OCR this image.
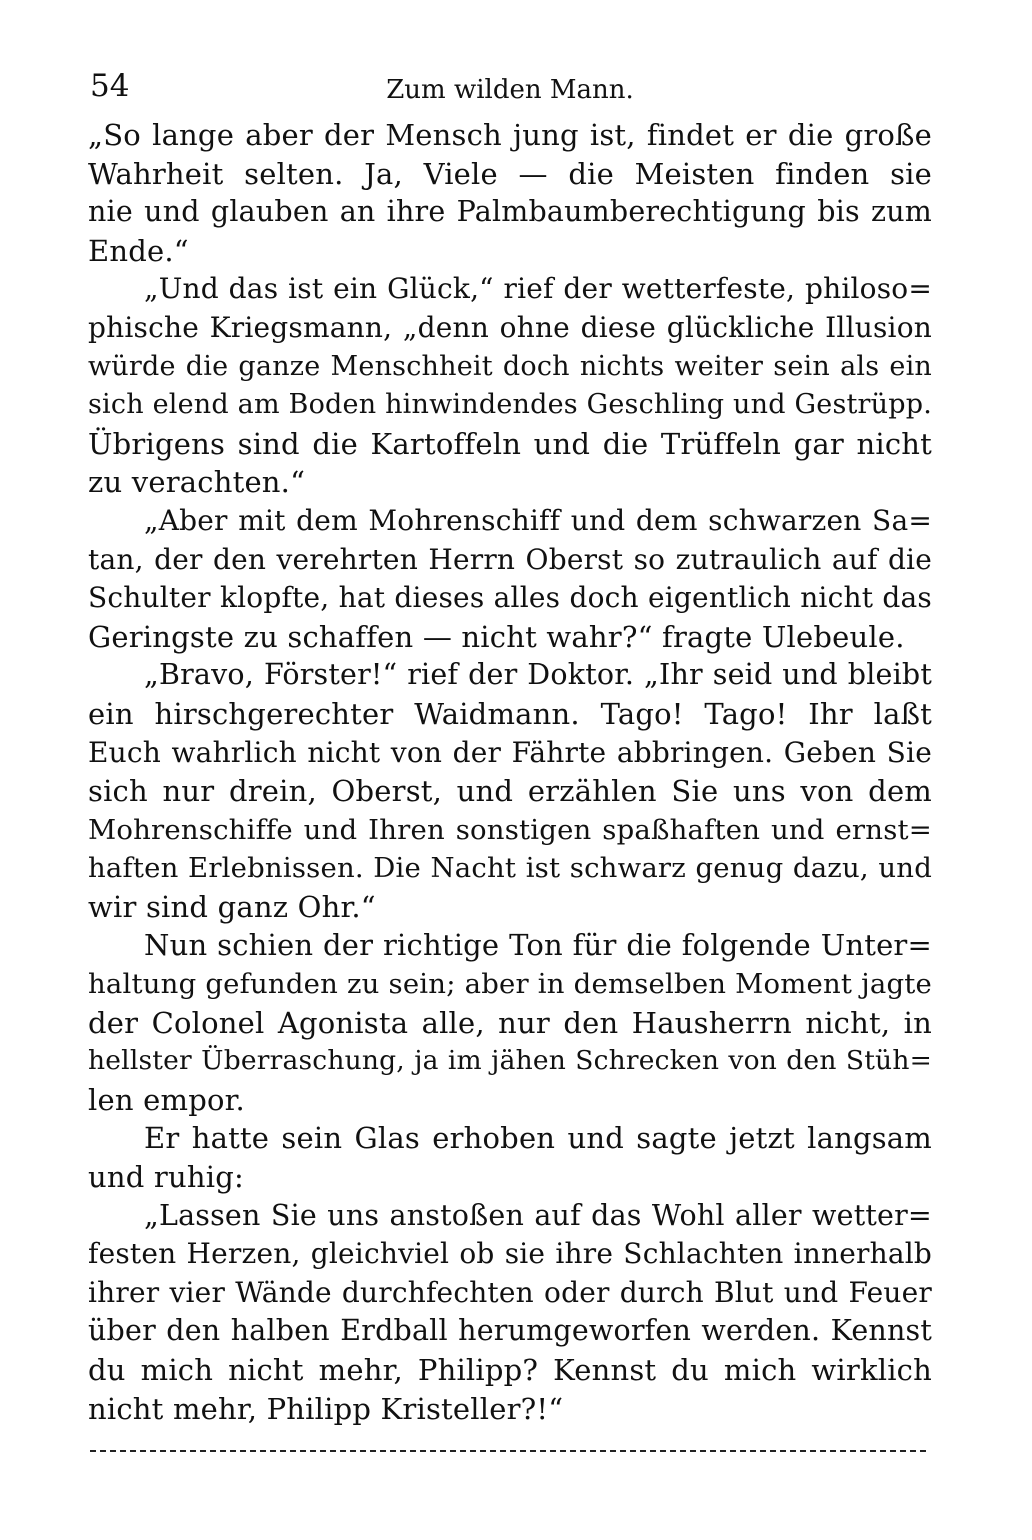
54	Zum wilden Mann.
„So lange aber der Mensch jung ist, findet er die große
Wahrheit selten. Ja, Viele — die Meisten finden sie
nie und glauben an ihre Palmbaumberechtigung bis zum
Ende.“
„Und das ist ein Glück,“ rief der wetterfeste, philoso=
phische Kriegsmann, „denn ohne diese glückliche Illusion
würde die ganze Menschheit doch nichts weiter sein als ein
sich elend am Boden hinwindendes Geschling und Gestrüpp.
Übrigens sind die Kartoffeln und die Trüffeln gar nicht
zu verachten.“
„Aber mit dem Mohrenschiff und dem schwarzen Sa=
tan, der den verehrten Herrn Oberst so zutraulich auf die
Schulter klopfte, hat dieses alles doch eigentlich nicht das
Geringste zu schaffen — nicht wahr?“ fragte Ulebeule.
„Bravo, Förster!“ rief der Doktor. „Ihr seid und bleibt
ein hirschgerechter Waidmann. Tago! Tago! Ihr laßt
Euch wahrlich nicht von der Fährte abbringen. Geben Sie
sich nur drein, Oberst, und erzählen Sie uns von dem
Mohrenschiffe und Ihren sonstigen spaßhaften und ernst=
haften Erlebnissen. Die Nacht ist schwarz genug dazu, und
wir sind ganz Ohr.“
Nun schien der richtige Ton für die folgende Unter=
haltung gefunden zu sein; aber in demselben Moment jagte
der Colonel Agonista alle, nur den Hausherrn nicht, in
hellster Überraschung, ja im jähen Schrecken von den Stüh=
len empor.
Er hatte sein Glas erhoben und sagte jetzt langsam
und ruhig:
„Lassen Sie uns anstoßen auf das Wohl aller wetter=
festen Herzen, gleichviel ob sie ihre Schlachten innerhalb
ihrer vier Wände durchfechten oder durch Blut und Feuer
über den halben Erdball herumgeworfen werden. Kennst
du mich nicht mehr, Philipp? Kennst du mich wirklich
nicht mehr, Philipp Kristeller?!“
